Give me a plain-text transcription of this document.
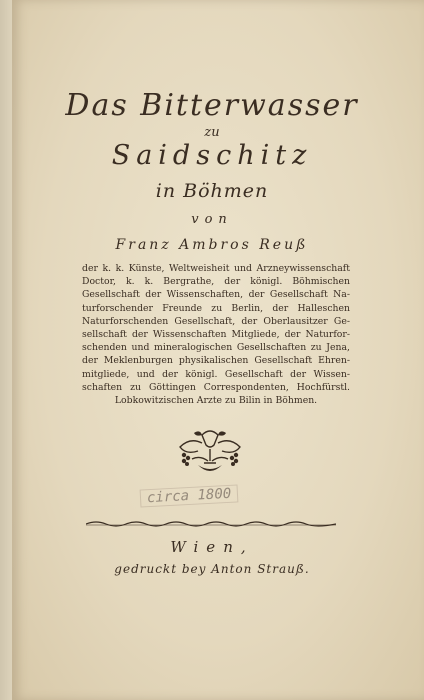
Das Bitterwasser
zu
Saidschitz
in Böhmen
von
Franz Ambros Reuß
der k. k. Künste, Weltweisheit und Arzneywissenschaft
Doctor, k. k. Bergrathe, der königl. Böhmischen
Gesellschaft der Wissenschaften, der Gesellschaft Na-
turforschender Freunde zu Berlin, der Halleschen
Naturforschenden Gesellschaft, der Oberlausitzer Ge-
sellschaft der Wissenschaften Mitgliede, der Naturfor-
schenden und mineralogischen Gesellschaften zu Jena,
der Meklenburgen physikalischen Gesellschaft Ehren-
mitgliede, und der königl. Gesellschaft der Wissen-
schaften zu Göttingen Correspondenten, Hochfürstl.
Lobkowitzischen Arzte zu Bilin in Böhmen.
circa 1800
Wien,
gedruckt bey Anton Strauß.
